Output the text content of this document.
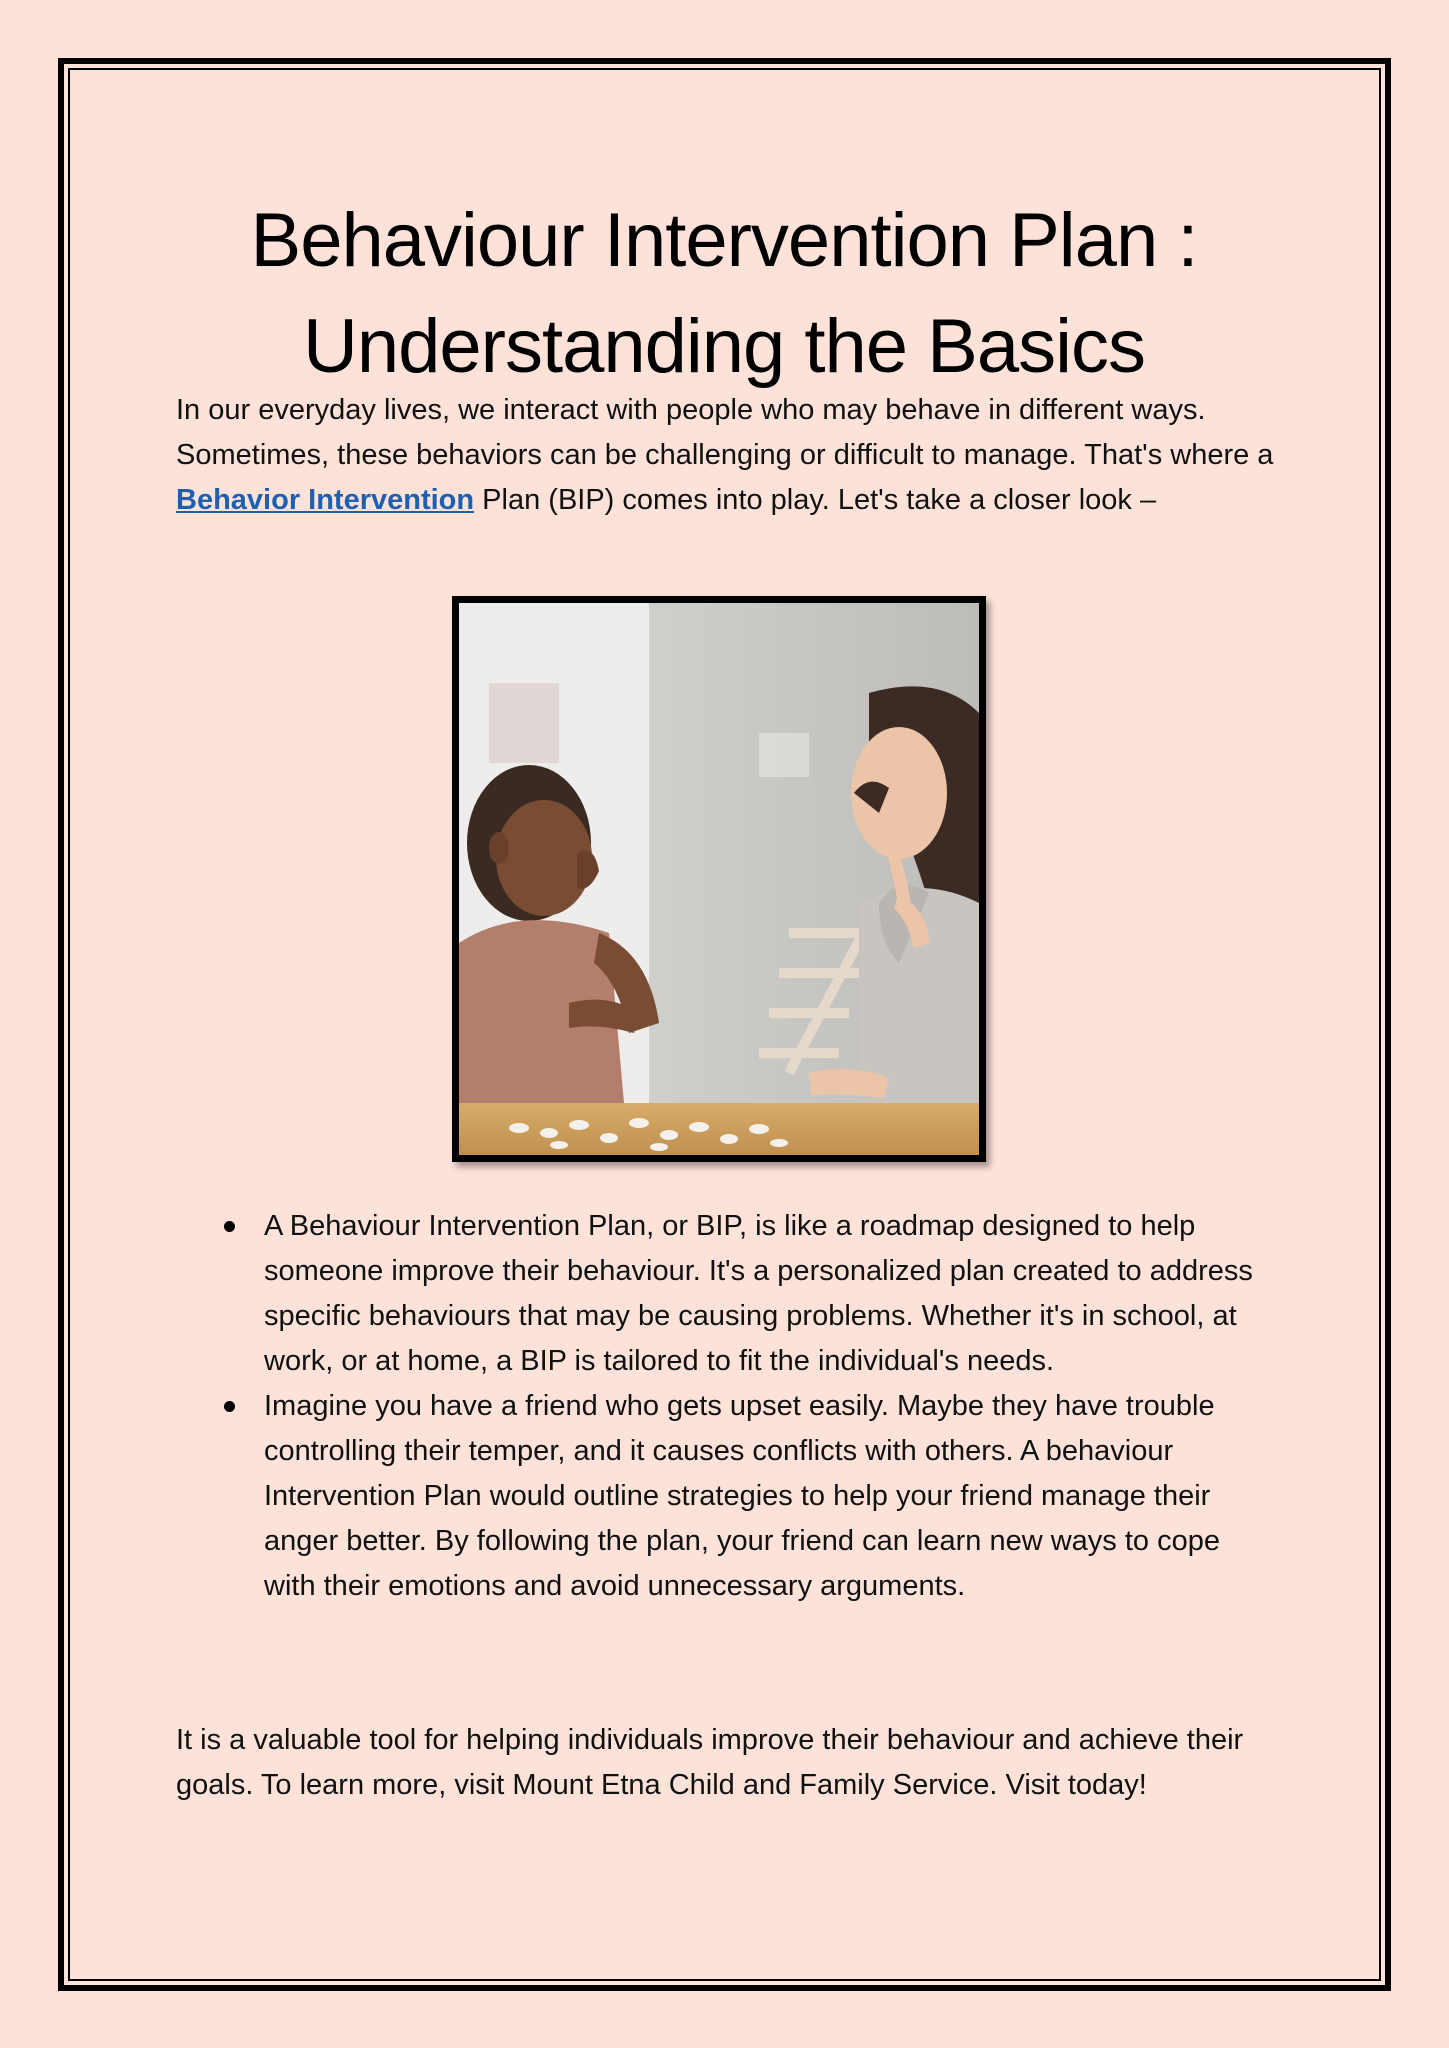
Behaviour Intervention Plan :
Understanding the Basics

In our everyday lives, we interact with people who may behave in different ways. Sometimes, these behaviors can be challenging or difficult to manage. That's where a Behavior Intervention Plan (BIP) comes into play. Let's take a closer look –

A Behaviour Intervention Plan, or BIP, is like a roadmap designed to help someone improve their behaviour. It's a personalized plan created to address specific behaviours that may be causing problems. Whether it's in school, at work, or at home, a BIP is tailored to fit the individual's needs.
Imagine you have a friend who gets upset easily. Maybe they have trouble controlling their temper, and it causes conflicts with others. A behaviour Intervention Plan would outline strategies to help your friend manage their anger better. By following the plan, your friend can learn new ways to cope with their emotions and avoid unnecessary arguments.

It is a valuable tool for helping individuals improve their behaviour and achieve their goals. To learn more, visit Mount Etna Child and Family Service. Visit today!
